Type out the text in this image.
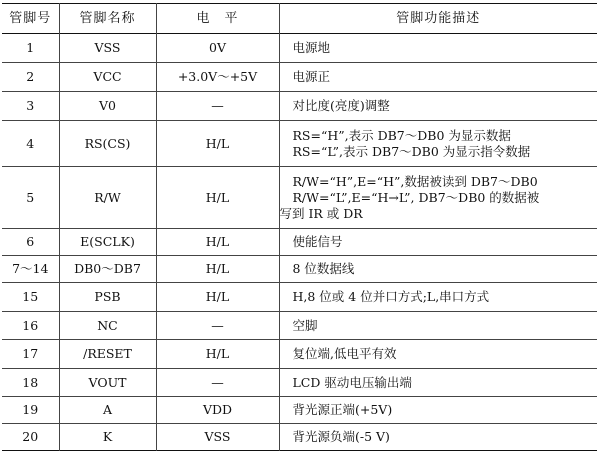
管脚号	管脚名称	电　平	管脚功能描述
1	VSS	0V	电源地

2	VCC	+3.0V～+5V	电源正

3	V0	—	对比度(亮度)调整

4	RS(CS)	H/L	RS=“H”,表示 DB7～DB0 为显示数据
RS=“L”,表示 DB7～DB0 为显示指令数据

5	R/W	H/L	R/W=“H”,E=“H”,数据被读到 DB7～DB0
R/W=“L”,E=“H→L”, DB7～DB0 的数据被
写到 IR 或 DR

6	E(SCLK)	H/L	使能信号

7～14	DB0～DB7	H/L	8 位数据线

15	PSB	H/L	H,8 位或 4 位并口方式;L,串口方式

16	NC	—	空脚

17	/RESET	H/L	复位端,低电平有效

18	VOUT	—	LCD 驱动电压输出端

19	A	VDD	背光源正端(+5V)

20	K	VSS	背光源负端(-5 V)
